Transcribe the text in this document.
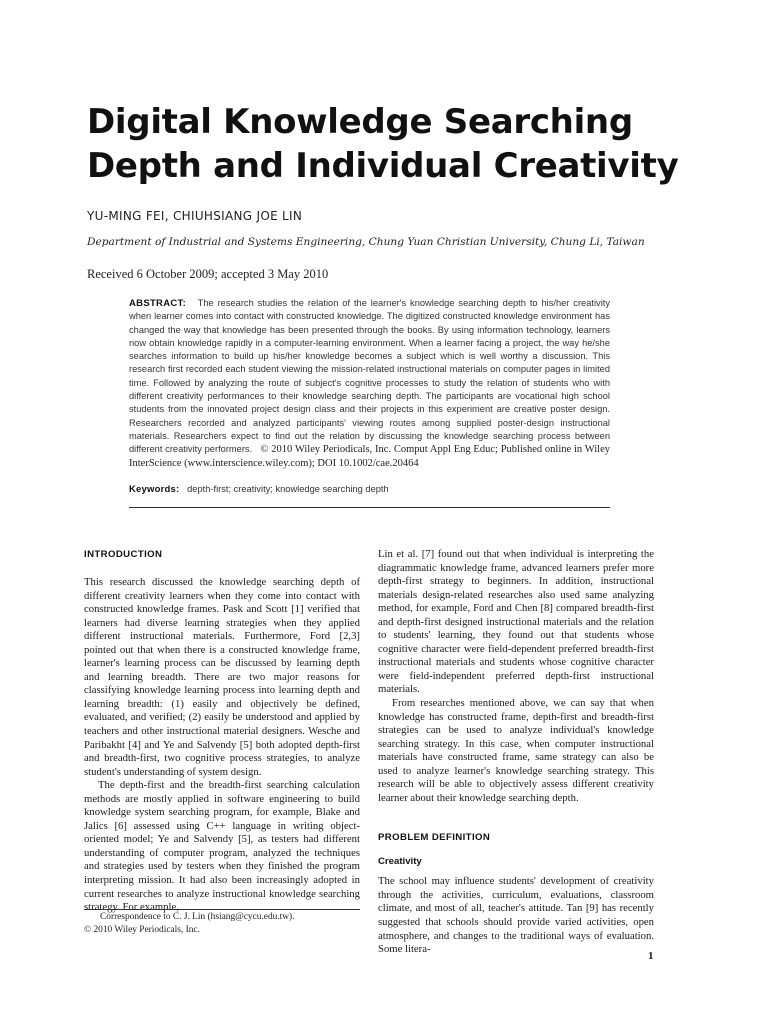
Digital Knowledge Searching Depth and Individual Creativity
YU-MING FEI, CHIUHSIANG JOE LIN
Department of Industrial and Systems Engineering, Chung Yuan Christian University, Chung Li, Taiwan
Received 6 October 2009; accepted 3 May 2010

ABSTRACT: The research studies the relation of the learner's knowledge searching depth to his/her creativity when learner comes into contact with constructed knowledge. The digitized constructed knowledge environment has changed the way that knowledge has been presented through the books. By using information technology, learners now obtain knowledge rapidly in a computer-learning environment. When a learner facing a project, the way he/she searches information to build up his/her knowledge becomes a subject which is well worthy a discussion. This research first recorded each student viewing the mission-related instructional materials on computer pages in limited time. Followed by analyzing the route of subject's cognitive processes to study the relation of students who with different creativity performances to their knowledge searching depth. The participants are vocational high school students from the innovated project design class and their projects in this experiment are creative poster design. Researchers recorded and analyzed participants' viewing routes among supplied poster-design instructional materials. Researchers expect to find out the relation by discussing the knowledge searching process between different creativity performers. © 2010 Wiley Periodicals, Inc. Comput Appl Eng Educ; Published online in Wiley InterScience (www.interscience.wiley.com); DOI 10.1002/cae.20464

Keywords: depth-first; creativity; knowledge searching depth
INTRODUCTION

This research discussed the knowledge searching depth of different creativity learners when they come into contact with constructed knowledge frames. Pask and Scott [1] verified that learners had diverse learning strategies when they applied different instructional materials. Furthermore, Ford [2,3] pointed out that when there is a constructed knowledge frame, learner's learning process can be discussed by learning depth and learning breadth. There are two major reasons for classifying knowledge learning process into learning depth and learning breadth: (1) easily and objectively be defined, evaluated, and verified; (2) easily be understood and applied by teachers and other instructional material designers. Wesche and Paribakht [4] and Ye and Salvendy [5] both adopted depth-first and breadth-first, two cognitive process strategies, to analyze student's understanding of system design.

The depth-first and the breadth-first searching calculation methods are mostly applied in software engineering to build knowledge system searching program, for example, Blake and Jalics [6] assessed using C++ language in writing object-oriented model; Ye and Salvendy [5], as testers had different understanding of computer program, analyzed the techniques and strategies used by testers when they finished the program interpreting mission. It had also been increasingly adopted in current researches to analyze instructional knowledge searching strategy. For example,

Lin et al. [7] found out that when individual is interpreting the diagrammatic knowledge frame, advanced learners prefer more depth-first strategy to beginners. In addition, instructional materials design-related researches also used same analyzing method, for example, Ford and Chen [8] compared breadth-first and depth-first designed instructional materials and the relation to students' learning, they found out that students whose cognitive character were field-dependent preferred breadth-first instructional materials and students whose cognitive character were field-independent preferred depth-first instructional materials.

From researches mentioned above, we can say that when knowledge has constructed frame, depth-first and breadth-first strategies can be used to analyze individual's knowledge searching strategy. In this case, when computer instructional materials have constructed frame, same strategy can also be used to analyze learner's knowledge searching strategy. This research will be able to objectively assess different creativity learner about their knowledge searching depth.

PROBLEM DEFINITION
Creativity

The school may influence students' development of creativity through the activities, curriculum, evaluations, classroom climate, and most of all, teacher's attitude. Tan [9] has recently suggested that schools should provide varied activities, open atmosphere, and changes to the traditional ways of evaluation. Some litera-

Correspondence to C. J. Lin (hsiang@cycu.edu.tw).
© 2010 Wiley Periodicals, Inc.
1
